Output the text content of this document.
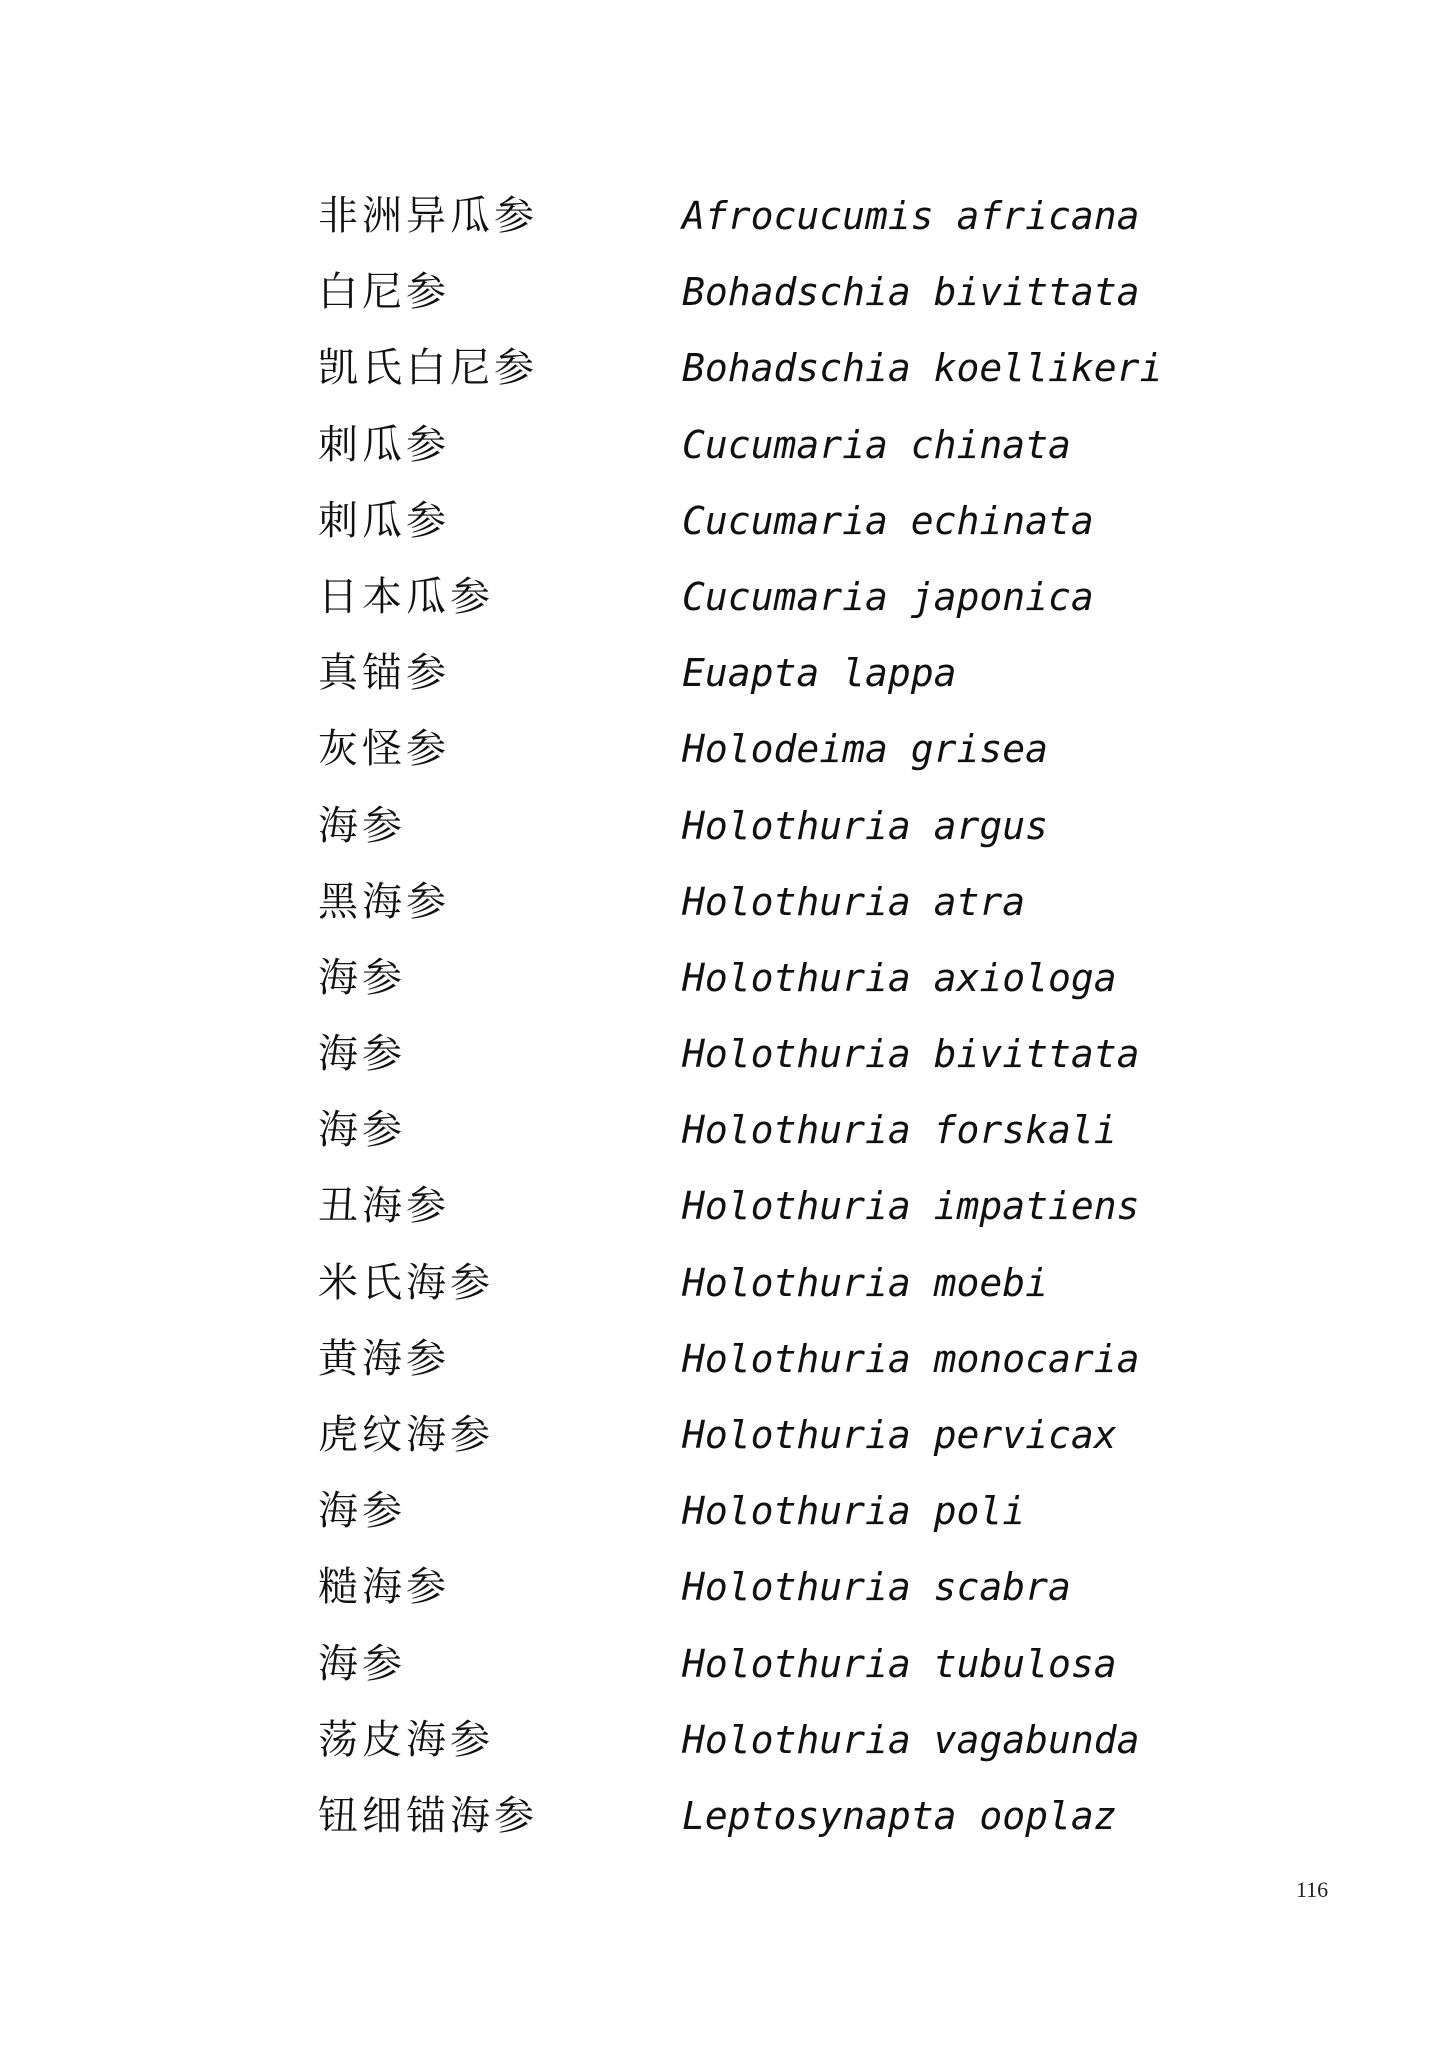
非洲异瓜参	Afrocucumis africana
白尼参	Bohadschia bivittata
凯氏白尼参	Bohadschia koellikeri
刺瓜参	Cucumaria chinata
刺瓜参	Cucumaria echinata
日本瓜参	Cucumaria japonica
真锚参	Euapta lappa
灰怪参	Holodeima grisea
海参	Holothuria argus
黑海参	Holothuria atra
海参	Holothuria axiologa
海参	Holothuria bivittata
海参	Holothuria forskali
丑海参	Holothuria impatiens
米氏海参	Holothuria moebi
黄海参	Holothuria monocaria
虎纹海参	Holothuria pervicax
海参	Holothuria poli
糙海参	Holothuria scabra
海参	Holothuria tubulosa
荡皮海参	Holothuria vagabunda
钮细锚海参	Leptosynapta ooplaz
116
